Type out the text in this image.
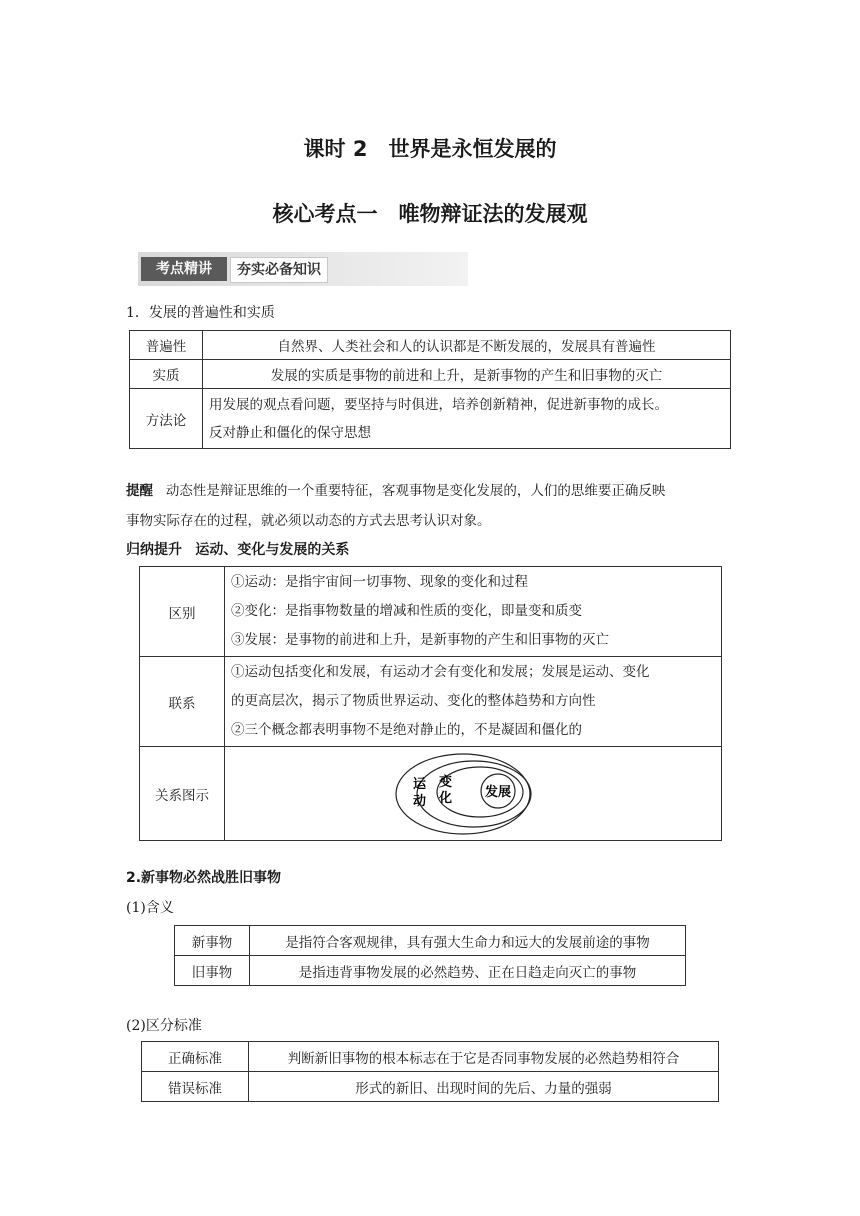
课时 2　世界是永恒发展的
核心考点一　唯物辩证法的发展观
考点精讲	夯实必备知识
1．发展的普遍性和实质
普遍性	自然界、人类社会和人的认识都是不断发展的，发展具有普遍性
实质	发展的实质是事物的前进和上升，是新事物的产生和旧事物的灭亡
方法论	用发展的观点看问题，要坚持与时俱进，培养创新精神，促进新事物的成长。
反对静止和僵化的保守思想
提醒 动态性是辩证思维的一个重要特征，客观事物是变化发展的，人们的思维要正确反映
事物实际存在的过程，就必须以动态的方式去思考认识对象。
归纳提升 运动、变化与发展的关系
区别	①运动：是指宇宙间一切事物、现象的变化和过程
②变化：是指事物数量的增减和性质的变化，即量变和质变
③发展：是事物的前进和上升，是新事物的产生和旧事物的灭亡

联系	①运动包括变化和发展，有运动才会有变化和发展；发展是运动、变化
的更高层次，揭示了物质世界运动、变化的整体趋势和方向性
②三个概念都表明事物不是绝对静止的，不是凝固和僵化的

关系图示	运
动
变
化 发展
2.新事物必然战胜旧事物
(1)含义
新事物	是指符合客观规律，具有强大生命力和远大的发展前途的事物
旧事物	是指违背事物发展的必然趋势、正在日趋走向灭亡的事物
(2)区分标准
正确标准	判断新旧事物的根本标志在于它是否同事物发展的必然趋势相符合
错误标准	形式的新旧、出现时间的先后、力量的强弱
